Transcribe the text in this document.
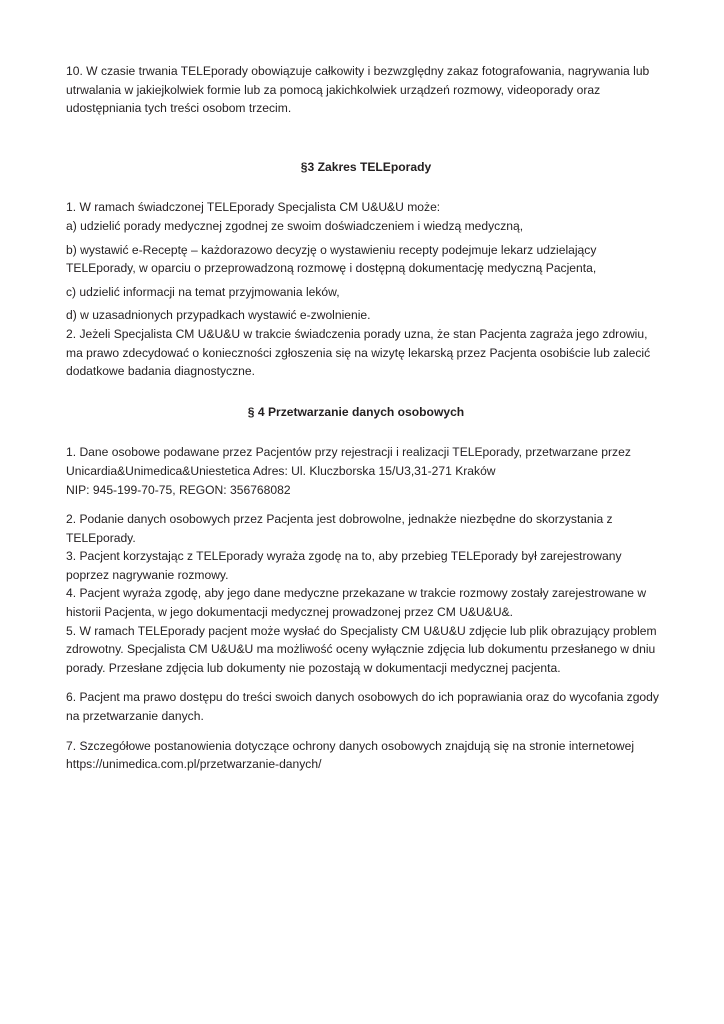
10. W czasie trwania TELEporady obowiązuje całkowity i bezwzględny zakaz fotografowania, nagrywania lub utrwalania w jakiejkolwiek formie lub za pomocą jakichkolwiek urządzeń rozmowy, videoporady oraz udostępniania tych treści osobom trzecim.

§3 Zakres TELEporady

1. W ramach świadczonej TELEporady Specjalista CM U&U&U może:

a) udzielić porady medycznej zgodnej ze swoim doświadczeniem i wiedzą medyczną,

b) wystawić e-Receptę – każdorazowo decyzję o wystawieniu recepty podejmuje lekarz udzielający TELEporady, w oparciu o przeprowadzoną rozmowę i dostępną dokumentację medyczną Pacjenta,

c) udzielić informacji na temat przyjmowania leków,

d) w uzasadnionych przypadkach wystawić e-zwolnienie.

2. Jeżeli Specjalista CM U&U&U w trakcie świadczenia porady uzna, że stan Pacjenta zagraża jego zdrowiu, ma prawo zdecydować o konieczności zgłoszenia się na wizytę lekarską przez Pacjenta osobiście lub zalecić dodatkowe badania diagnostyczne.

§ 4 Przetwarzanie danych osobowych

1. Dane osobowe podawane przez Pacjentów przy rejestracji i realizacji TELEporady, przetwarzane przez Unicardia&Unimedica&Uniestetica Adres: Ul. Kluczborska 15/U3,31-271 Kraków

NIP: 945-199-70-75, REGON: 356768082

2. Podanie danych osobowych przez Pacjenta jest dobrowolne, jednakże niezbędne do skorzystania z TELEporady.

3. Pacjent korzystając z TELEporady wyraża zgodę na to, aby przebieg TELEporady był zarejestrowany poprzez nagrywanie rozmowy.

4. Pacjent wyraża zgodę, aby jego dane medyczne przekazane w trakcie rozmowy zostały zarejestrowane w historii Pacjenta, w jego dokumentacji medycznej prowadzonej przez CM U&U&U&.

5. W ramach TELEporady pacjent może wysłać do Specjalisty CM U&U&U zdjęcie lub plik obrazujący problem zdrowotny. Specjalista CM U&U&U ma możliwość oceny wyłącznie zdjęcia lub dokumentu przesłanego w dniu porady. Przesłane zdjęcia lub dokumenty nie pozostają w dokumentacji medycznej pacjenta.

6. Pacjent ma prawo dostępu do treści swoich danych osobowych do ich poprawiania oraz do wycofania zgody na przetwarzanie danych.

7. Szczegółowe postanowienia dotyczące ochrony danych osobowych znajdują się na stronie internetowej https://unimedica.com.pl/przetwarzanie-danych/
